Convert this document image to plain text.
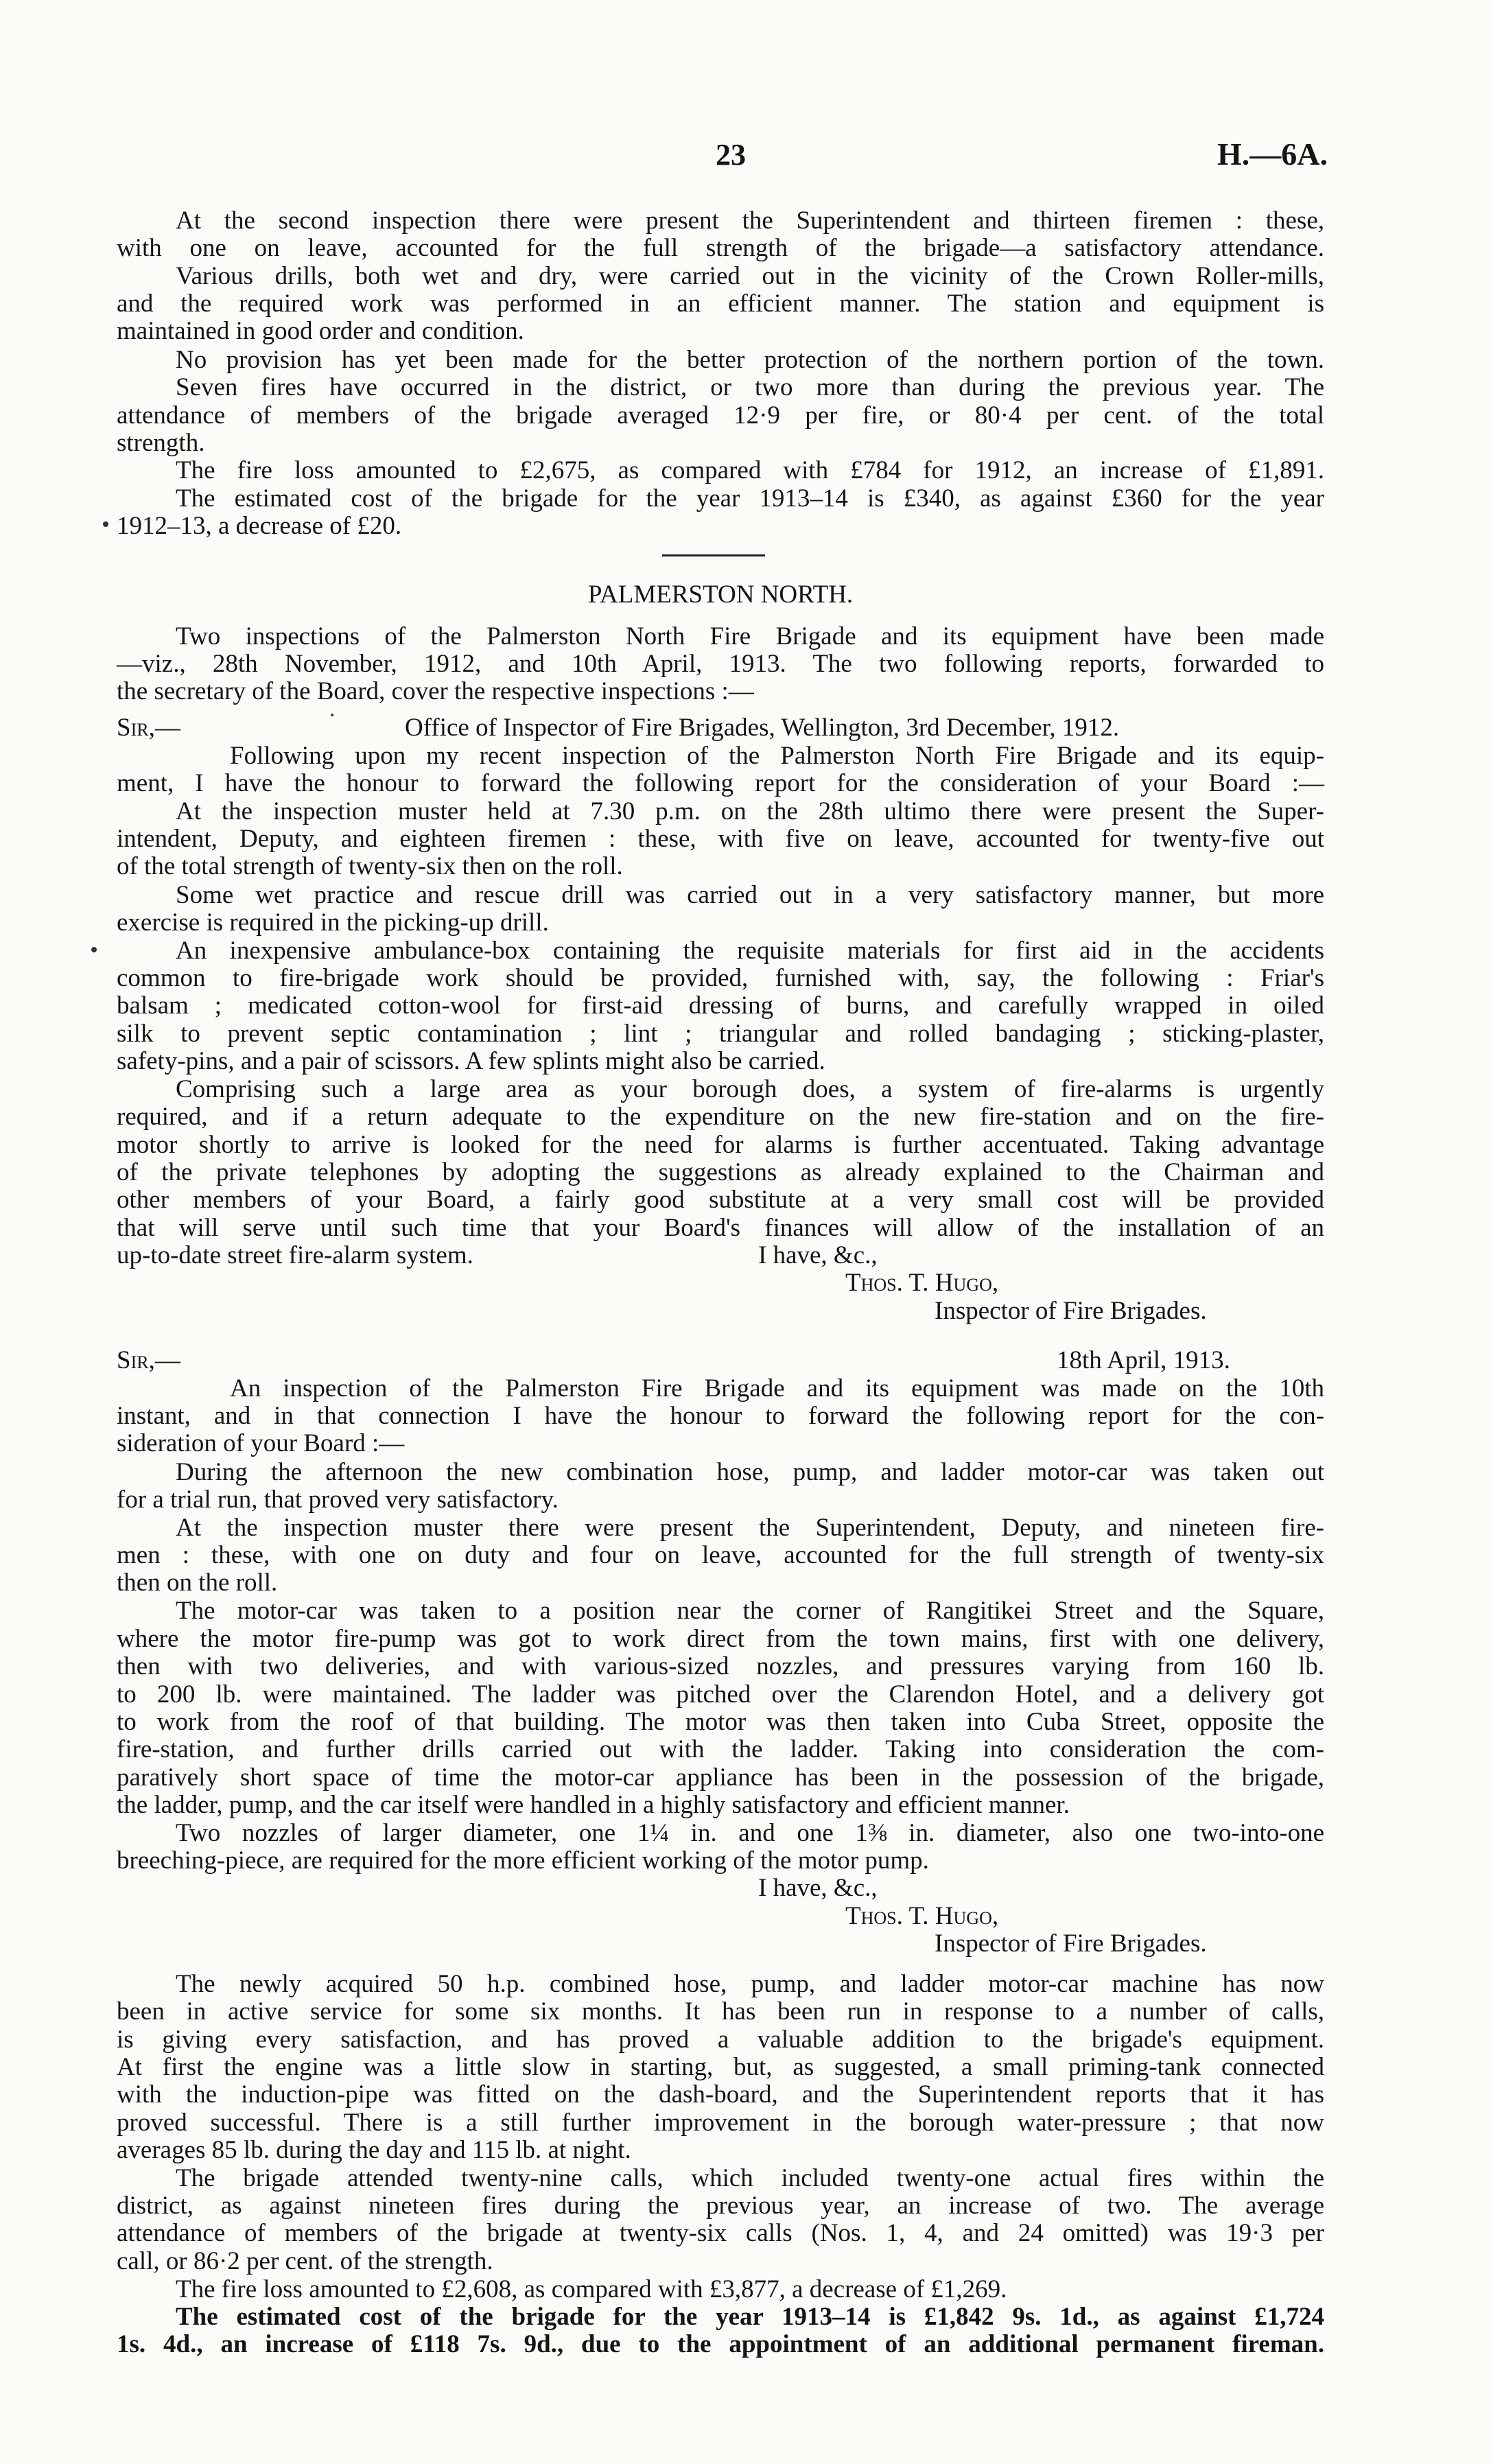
23	H.—6A.
At the second inspection there were present the Superintendent and thirteen firemen : these,
with one on leave, accounted for the full strength of the brigade—a satisfactory attendance.
Various drills, both wet and dry, were carried out in the vicinity of the Crown Roller-mills,
and the required work was performed in an efficient manner. The station and equipment is
maintained in good order and condition.
No provision has yet been made for the better protection of the northern portion of the town.
Seven fires have occurred in the district, or two more than during the previous year. The
attendance of members of the brigade averaged 12·9 per fire, or 80·4 per cent. of the total
strength.
The fire loss amounted to £2,675, as compared with £784 for 1912, an increase of £1,891.
The estimated cost of the brigade for the year 1913–14 is £340, as against £360 for the year
1912–13, a decrease of £20.
PALMERSTON NORTH.
Two inspections of the Palmerston North Fire Brigade and its equipment have been made
—viz., 28th November, 1912, and 10th April, 1913. The two following reports, forwarded to
the secretary of the Board, cover the respective inspections :—
Sir,—	Office of Inspector of Fire Brigades, Wellington, 3rd December, 1912.
Following upon my recent inspection of the Palmerston North Fire Brigade and its equip-
ment, I have the honour to forward the following report for the consideration of your Board :—
At the inspection muster held at 7.30 p.m. on the 28th ultimo there were present the Super-
intendent, Deputy, and eighteen firemen : these, with five on leave, accounted for twenty-five out
of the total strength of twenty-six then on the roll.
Some wet practice and rescue drill was carried out in a very satisfactory manner, but more
exercise is required in the picking-up drill.
An inexpensive ambulance-box containing the requisite materials for first aid in the accidents
common to fire-brigade work should be provided, furnished with, say, the following : Friar's
balsam ; medicated cotton-wool for first-aid dressing of burns, and carefully wrapped in oiled
silk to prevent septic contamination ; lint ; triangular and rolled bandaging ; sticking-plaster,
safety-pins, and a pair of scissors. A few splints might also be carried.
Comprising such a large area as your borough does, a system of fire-alarms is urgently
required, and if a return adequate to the expenditure on the new fire-station and on the fire-
motor shortly to arrive is looked for the need for alarms is further accentuated. Taking advantage
of the private telephones by adopting the suggestions as already explained to the Chairman and
other members of your Board, a fairly good substitute at a very small cost will be provided
that will serve until such time that your Board's finances will allow of the installation of an
up-to-date street fire-alarm system.	I have, &c.,
Thos. T. Hugo,
Inspector of Fire Brigades.
Sir,—	18th April, 1913.
An inspection of the Palmerston Fire Brigade and its equipment was made on the 10th
instant, and in that connection I have the honour to forward the following report for the con-
sideration of your Board :—
During the afternoon the new combination hose, pump, and ladder motor-car was taken out
for a trial run, that proved very satisfactory.
At the inspection muster there were present the Superintendent, Deputy, and nineteen fire-
men : these, with one on duty and four on leave, accounted for the full strength of twenty-six
then on the roll.
The motor-car was taken to a position near the corner of Rangitikei Street and the Square,
where the motor fire-pump was got to work direct from the town mains, first with one delivery,
then with two deliveries, and with various-sized nozzles, and pressures varying from 160 lb.
to 200 lb. were maintained. The ladder was pitched over the Clarendon Hotel, and a delivery got
to work from the roof of that building. The motor was then taken into Cuba Street, opposite the
fire-station, and further drills carried out with the ladder. Taking into consideration the com-
paratively short space of time the motor-car appliance has been in the possession of the brigade,
the ladder, pump, and the car itself were handled in a highly satisfactory and efficient manner.
Two nozzles of larger diameter, one 1¼ in. and one 1⅜ in. diameter, also one two-into-one
breeching-piece, are required for the more efficient working of the motor pump.
I have, &c.,
Thos. T. Hugo,
Inspector of Fire Brigades.
The newly acquired 50 h.p. combined hose, pump, and ladder motor-car machine has now
been in active service for some six months. It has been run in response to a number of calls,
is giving every satisfaction, and has proved a valuable addition to the brigade's equipment.
At first the engine was a little slow in starting, but, as suggested, a small priming-tank connected
with the induction-pipe was fitted on the dash-board, and the Superintendent reports that it has
proved successful. There is a still further improvement in the borough water-pressure ; that now
averages 85 lb. during the day and 115 lb. at night.
The brigade attended twenty-nine calls, which included twenty-one actual fires within the
district, as against nineteen fires during the previous year, an increase of two. The average
attendance of members of the brigade at twenty-six calls (Nos. 1, 4, and 24 omitted) was 19·3 per
call, or 86·2 per cent. of the strength.
The fire loss amounted to £2,608, as compared with £3,877, a decrease of £1,269.
The estimated cost of the brigade for the year 1913–14 is £1,842 9s. 1d., as against £1,724
1s. 4d., an increase of £118 7s. 9d., due to the appointment of an additional permanent fireman.
